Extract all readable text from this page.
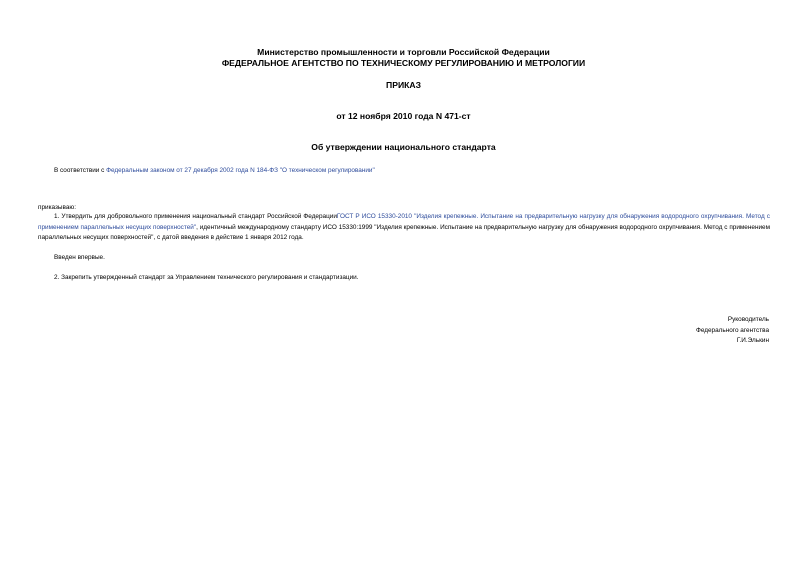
Министерство промышленности и торговли Российской Федерации
ФЕДЕРАЛЬНОЕ АГЕНТСТВО ПО ТЕХНИЧЕСКОМУ РЕГУЛИРОВАНИЮ И МЕТРОЛОГИИ
ПРИКАЗ
от 12 ноября 2010 года N 471-ст
Об утверждении национального стандарта
В соответствии с Федеральным законом от 27 декабря 2002 года N 184-ФЗ "О техническом регулировании"
приказываю:
1. Утвердить для добровольного применения национальный стандарт Российской ФедерацииГОСТ Р ИСО 15330-2010 "Изделия крепежные. Испытание на предварительную нагрузку для обнаружения водородного охрупчивания. Метод с применением параллельных несущих поверхностей", идентичный международному стандарту ИСО 15330:1999 "Изделия крепежные. Испытание на предварительную нагрузку для обнаружения водородного охрупчивания. Метод с применением параллельных несущих поверхностей", с датой введения в действие 1 января 2012 года.
Введен впервые.
2. Закрепить утвержденный стандарт за Управлением технического регулирования и стандартизации.
Руководитель
Федерального агентства
Г.И.Элькин
